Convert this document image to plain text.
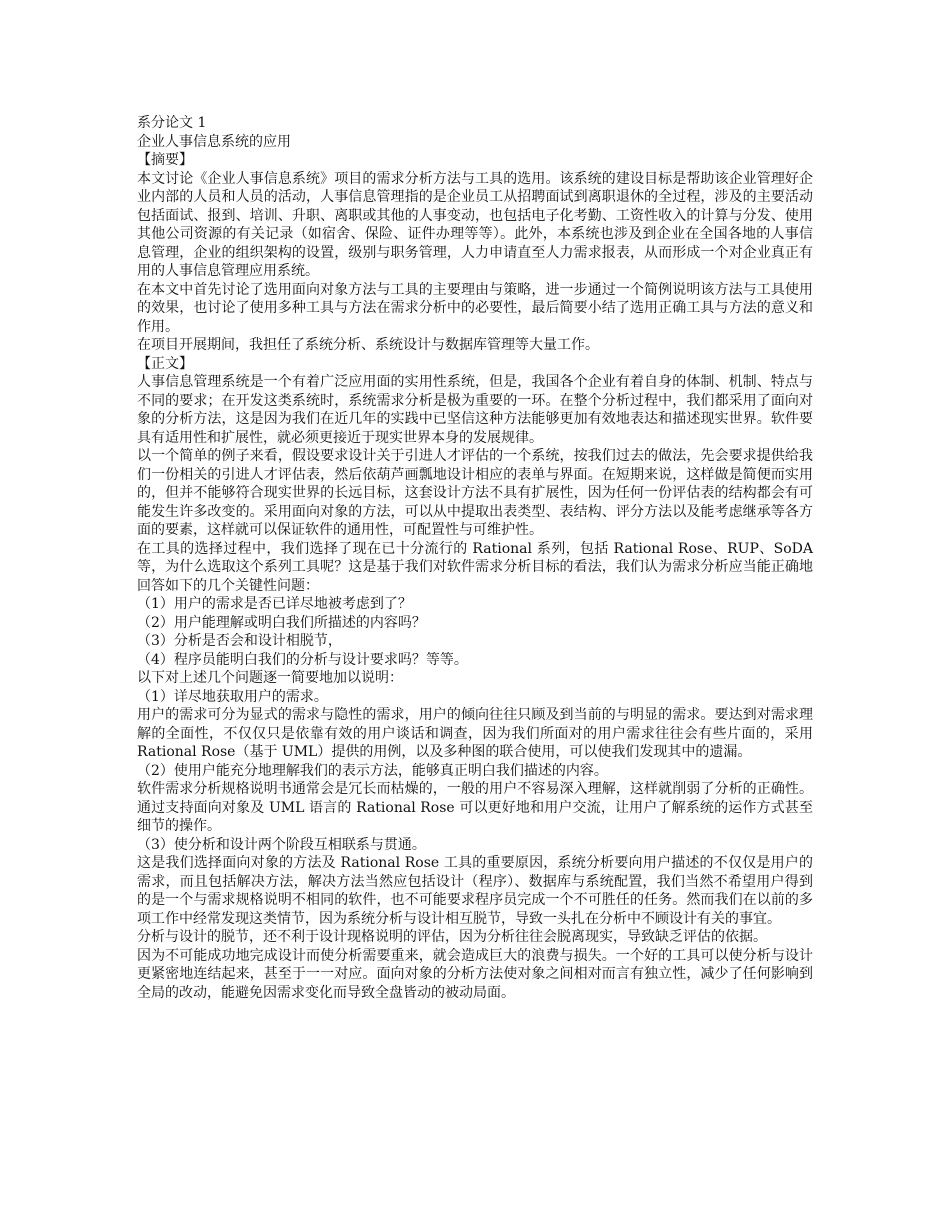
系分论文 1

企业人事信息系统的应用

【摘要】

本文讨论《企业人事信息系统》项目的需求分析方法与工具的选用。该系统的建设目标是帮助该企业管理好企业内部的人员和人员的活动，人事信息管理指的是企业员工从招聘面试到离职退休的全过程，涉及的主要活动包括面试、报到、培训、升职、离职或其他的人事变动，也包括电子化考勤、工资性收入的计算与分发、使用其他公司资源的有关记录（如宿舍、保险、证件办理等等）。此外，本系统也涉及到企业在全国各地的人事信息管理，企业的组织架构的设置，级别与职务管理，人力申请直至人力需求报表，从而形成一个对企业真正有用的人事信息管理应用系统。

在本文中首先讨论了选用面向对象方法与工具的主要理由与策略，进一步通过一个简例说明该方法与工具使用的效果，也讨论了使用多种工具与方法在需求分析中的必要性，最后简要小结了选用正确工具与方法的意义和作用。

在项目开展期间，我担任了系统分析、系统设计与数据库管理等大量工作。

【正文】

人事信息管理系统是一个有着广泛应用面的实用性系统，但是，我国各个企业有着自身的体制、机制、特点与不同的要求；在开发这类系统时，系统需求分析是极为重要的一环。在整个分析过程中，我们都采用了面向对象的分析方法，这是因为我们在近几年的实践中已坚信这种方法能够更加有效地表达和描述现实世界。软件要具有适用性和扩展性，就必须更接近于现实世界本身的发展规律。

以一个简单的例子来看，假设要求设计关于引进人才评估的一个系统，按我们过去的做法，先会要求提供给我们一份相关的引进人才评估表，然后依葫芦画瓢地设计相应的表单与界面。在短期来说，这样做是简便而实用的，但并不能够符合现实世界的长远目标，这套设计方法不具有扩展性，因为任何一份评估表的结构都会有可能发生许多改变的。采用面向对象的方法，可以从中提取出表类型、表结构、评分方法以及能考虑继承等各方面的要素，这样就可以保证软件的通用性，可配置性与可维护性。

在工具的选择过程中，我们选择了现在已十分流行的 Rational 系列，包括 Rational Rose、RUP、SoDA 等，为什么选取这个系列工具呢？这是基于我们对软件需求分析目标的看法，我们认为需求分析应当能正确地回答如下的几个关键性问题：

（1）用户的需求是否已详尽地被考虑到了？

（2）用户能理解或明白我们所描述的内容吗？

（3）分析是否会和设计相脱节，

（4）程序员能明白我们的分析与设计要求吗？等等。

以下对上述几个问题逐一简要地加以说明：

（1）详尽地获取用户的需求。

用户的需求可分为显式的需求与隐性的需求，用户的倾向往往只顾及到当前的与明显的需求。要达到对需求理解的全面性，不仅仅只是依靠有效的用户谈话和调查，因为我们所面对的用户需求往往会有些片面的，采用 Rational Rose（基于 UML）提供的用例，以及多种图的联合使用，可以使我们发现其中的遗漏。

（2）使用户能充分地理解我们的表示方法，能够真正明白我们描述的内容。

软件需求分析规格说明书通常会是冗长而枯燥的，一般的用户不容易深入理解，这样就削弱了分析的正确性。通过支持面向对象及 UML 语言的 Rational Rose 可以更好地和用户交流，让用户了解系统的运作方式甚至细节的操作。

（3）使分析和设计两个阶段互相联系与贯通。

这是我们选择面向对象的方法及 Rational Rose 工具的重要原因，系统分析要向用户描述的不仅仅是用户的需求，而且包括解决方法，解决方法当然应包括设计（程序）、数据库与系统配置，我们当然不希望用户得到的是一个与需求规格说明不相同的软件，也不可能要求程序员完成一个不可胜任的任务。然而我们在以前的多项工作中经常发现这类情节，因为系统分析与设计相互脱节，导致一头扎在分析中不顾设计有关的事宜。

分析与设计的脱节，还不利于设计现格说明的评估，因为分析往往会脱离现实，导致缺乏评估的依据。

因为不可能成功地完成设计而使分析需要重来，就会造成巨大的浪费与损失。一个好的工具可以使分析与设计更紧密地连结起来，甚至于一一对应。面向对象的分析方法使对象之间相对而言有独立性，减少了任何影响到全局的改动，能避免因需求变化而导致全盘皆动的被动局面。
